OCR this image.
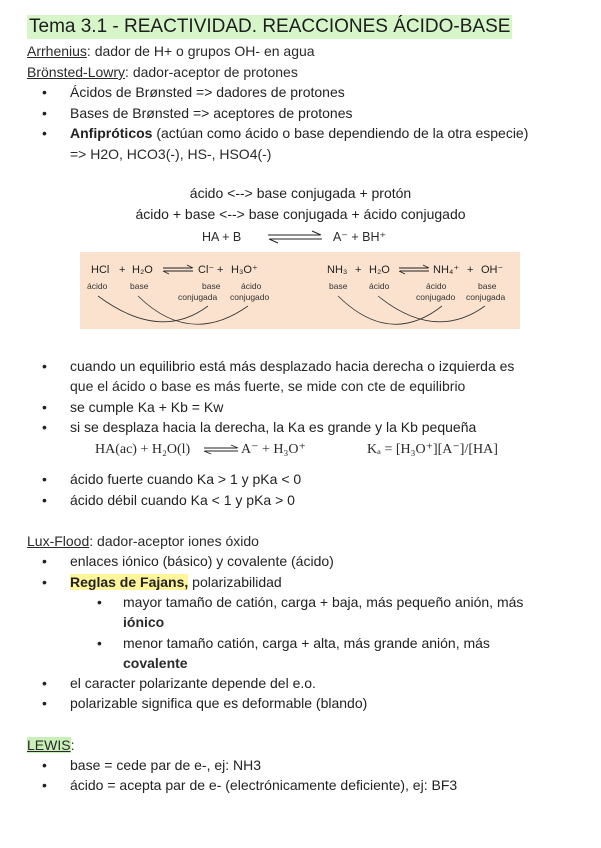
Tema 3.1 - REACTIVIDAD. REACCIONES ÁCIDO-BASE
Arrhenius: dador de H+ o grupos OH- en agua
Brönsted-Lowry: dador-aceptor de protones
• Ácidos de Brønsted => dadores de protones
• Bases de Brønsted => aceptores de protones
• Anfipróticos (actúan como ácido o base dependiendo de la otra especie)
=> H2O, HCO3(-), HS-, HSO4(-)
ácido <--> base conjugada + protón
ácido + base <--> base conjugada + ácido conjugado
HA + B ⇌ A⁻ + BH⁺
HCl + H₂O	Cl⁻ + H₃O⁺
ácido	base	base
conjugada
ácido
conjugado
NH₃ + H₂O	NH₄⁺ + OH⁻
base	ácido	ácido
conjugado
base
conjugada
• cuando un equilibrio está más desplazado hacia derecha o izquierda es
que el ácido o base es más fuerte, se mide con cte de equilibrio
• se cumple Ka + Kb = Kw
• si se desplaza hacia la derecha, la Ka es grande y la Kb pequeña
HA(ac) + H₂O(l)	A⁻ + H₃O⁺	Kₐ = [H₃O⁺][A⁻]/[HA]
• ácido fuerte cuando Ka > 1 y pKa < 0
• ácido débil cuando Ka < 1 y pKa > 0
Lux-Flood: dador-aceptor iones óxido
• enlaces iónico (básico) y covalente (ácido)
• Reglas de Fajans, polarizabilidad
• mayor tamaño de catión, carga + baja, más pequeño anión, más
iónico
• menor tamaño catión, carga + alta, más grande anión, más
covalente
• el caracter polarizante depende del e.o.
• polarizable significa que es deformable (blando)
LEWIS:
• base = cede par de e-, ej: NH3
• ácido = acepta par de e- (electrónicamente deficiente), ej: BF3
